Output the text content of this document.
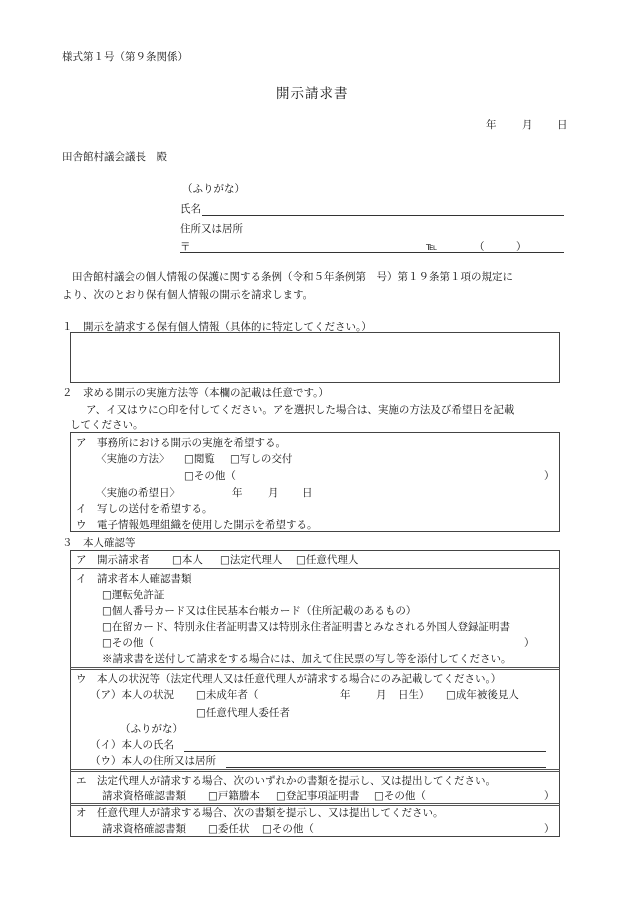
様式第１号（第９条関係）
開示請求書
年 月 日
田舎館村議会議長　殿
（ふりがな）
氏名
住所又は居所
〒	℡	（　　　）
田舎館村議会の個人情報の保護に関する条例（令和５年条例第　号）第１９条第１項の規定に
より、次のとおり保有個人情報の開示を請求します。
１　開示を請求する保有個人情報（具体的に特定してください。）
２　求める開示の実施方法等（本欄の記載は任意です。）
ア、イ又はウに○印を付してください。アを選択した場合は、実施の方法及び希望日を記載
してください。
ア　事務所における開示の実施を希望する。
〈実施の方法〉 □閲覧 □写しの交付
□その他（	）
〈実施の希望日〉	年 月 日
イ　写しの送付を希望する。
ウ　電子情報処理組織を使用した開示を希望する。
３　本人確認等
ア　開示請求者 □本人 □法定代理人 □任意代理人
イ　請求者本人確認書類
□運転免許証
□個人番号カード又は住民基本台帳カード（住所記載のあるもの）
□在留カード、特別永住者証明書又は特別永住者証明書とみなされる外国人登録証明書
□その他（	）
※請求書を送付して請求をする場合には、加えて住民票の写し等を添付してください。
ウ　本人の状況等（法定代理人又は任意代理人が請求する場合にのみ記載してください。）
（ア）本人の状況 □未成年者（	年 月 日生） □成年被後見人
□任意代理人委任者
（ふりがな）
（イ）本人の氏名
（ウ）本人の住所又は居所
エ　法定代理人が請求する場合、次のいずれかの書類を提示し、又は提出してください。
請求資格確認書類 □戸籍謄本 □登記事項証明書 □その他（	）
オ　任意代理人が請求する場合、次の書類を提示し、又は提出してください。
請求資格確認書類 □委任状 □その他（	）
